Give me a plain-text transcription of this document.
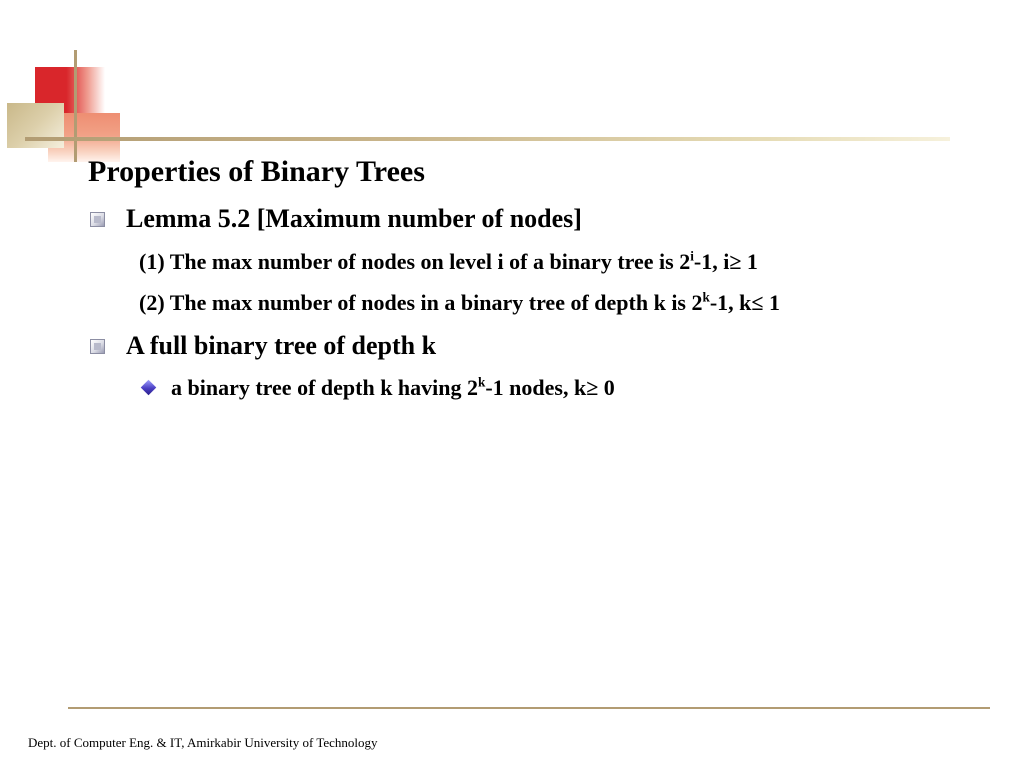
Properties of Binary Trees
Lemma 5.2 [Maximum number of nodes]
(1) The max number of nodes on level i of a binary tree is 2$^i$-1, i≥ 1
(2) The max number of nodes in a binary tree of depth k is 2$^k$-1, k≤ 1
A full binary tree of depth k
a binary tree of depth k having 2$^k$-1 nodes, k≥ 0
Dept. of Computer Eng. & IT, Amirkabir University of Technology
